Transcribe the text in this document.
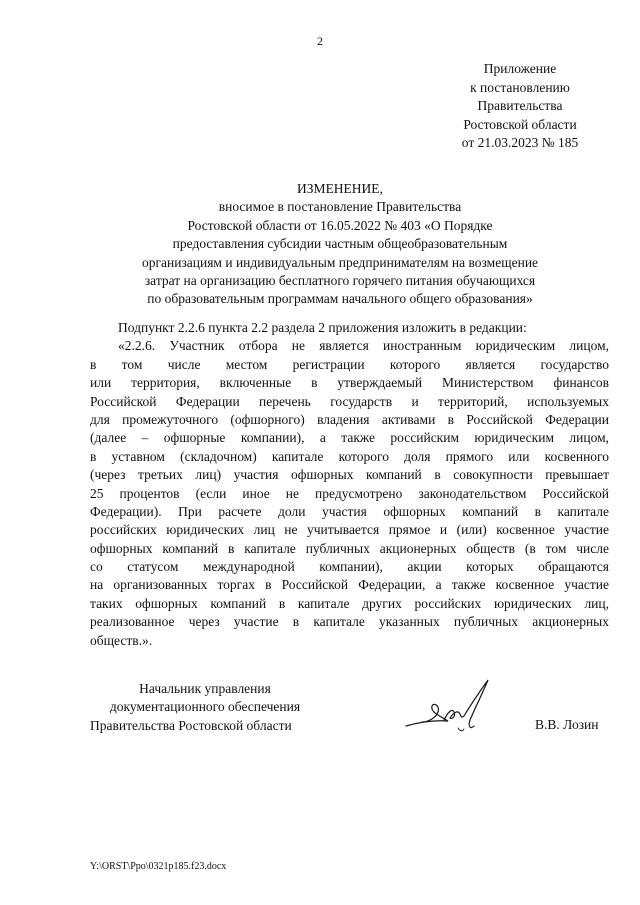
2
Приложение
к постановлению
Правительства
Ростовской области
от 21.03.2023 № 185
ИЗМЕНЕНИЕ,
вносимое в постановление Правительства
Ростовской области от 16.05.2022 № 403 «О Порядке
предоставления субсидии частным общеобразовательным
организациям и индивидуальным предпринимателям на возмещение
затрат на организацию бесплатного горячего питания обучающихся
по образовательным программам начального общего образования»
Подпункт 2.2.6 пункта 2.2 раздела 2 приложения изложить в редакции:
«2.2.6. Участник отбора не является иностранным юридическим лицом,
в том числе местом регистрации которого является государство
или территория, включенные в утверждаемый Министерством финансов
Российской Федерации перечень государств и территорий, используемых
для промежуточного (офшорного) владения активами в Российской Федерации
(далее – офшорные компании), а также российским юридическим лицом,
в уставном (складочном) капитале которого доля прямого или косвенного
(через третьих лиц) участия офшорных компаний в совокупности превышает
25 процентов (если иное не предусмотрено законодательством Российской
Федерации). При расчете доли участия офшорных компаний в капитале
российских юридических лиц не учитывается прямое и (или) косвенное участие
офшорных компаний в капитале публичных акционерных обществ (в том числе
со статусом международной компании), акции которых обращаются
на организованных торгах в Российской Федерации, а также косвенное участие
таких офшорных компаний в капитале других российских юридических лиц,
реализованное через участие в капитале указанных публичных акционерных
обществ.».
Начальник управления
документационного обеспечения
Правительства Ростовской области	В.В. Лозин
Y:\ORST\Ppo\0321p185.f23.docx
